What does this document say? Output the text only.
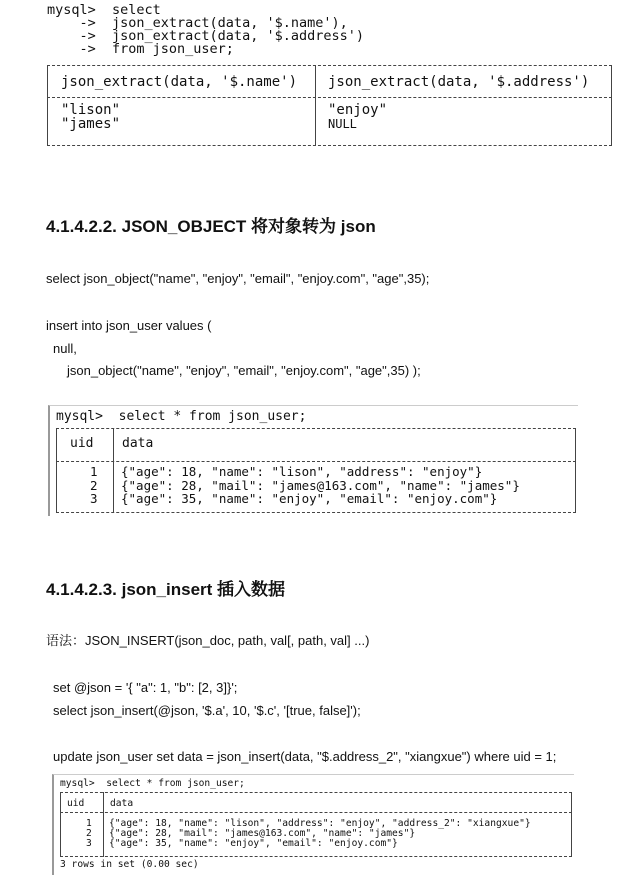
mysql>  select
->  json_extract(data, '$.name'),
->  json_extract(data, '$.address')
->  from json_user;
json_extract(data, '$.name') json_extract(data, '$.address')
"lison"	"enjoy"
"james"	NULL
4.1.4.2.2. JSON_OBJECT 将对象转为 json
select json_object("name", "enjoy", "email", "enjoy.com", "age",35);
insert into json_user values (
null,
json_object("name", "enjoy", "email", "enjoy.com", "age",35) );
mysql>  select * from json_user;
uid data
1 {"age": 18, "name": "lison", "address": "enjoy"}
2 {"age": 28, "mail": "james@163.com", "name": "james"}
3 {"age": 35, "name": "enjoy", "email": "enjoy.com"}
4.1.4.2.3. json_insert 插入数据
语法：JSON_INSERT(json_doc, path, val[, path, val] ...)
set @json = '{ "a": 1, "b": [2, 3]}';
select json_insert(@json, '$.a', 10, '$.c', '[true, false]');
update json_user set data = json_insert(data, "$.address_2", "xiangxue") where uid = 1;
mysql>  select * from json_user;
uid	data
1 {"age": 18, "name": "lison", "address": "enjoy", "address_2": "xiangxue"}
2 {"age": 28, "mail": "james@163.com", "name": "james"}
3 {"age": 35, "name": "enjoy", "email": "enjoy.com"}
3 rows in set (0.00 sec)
